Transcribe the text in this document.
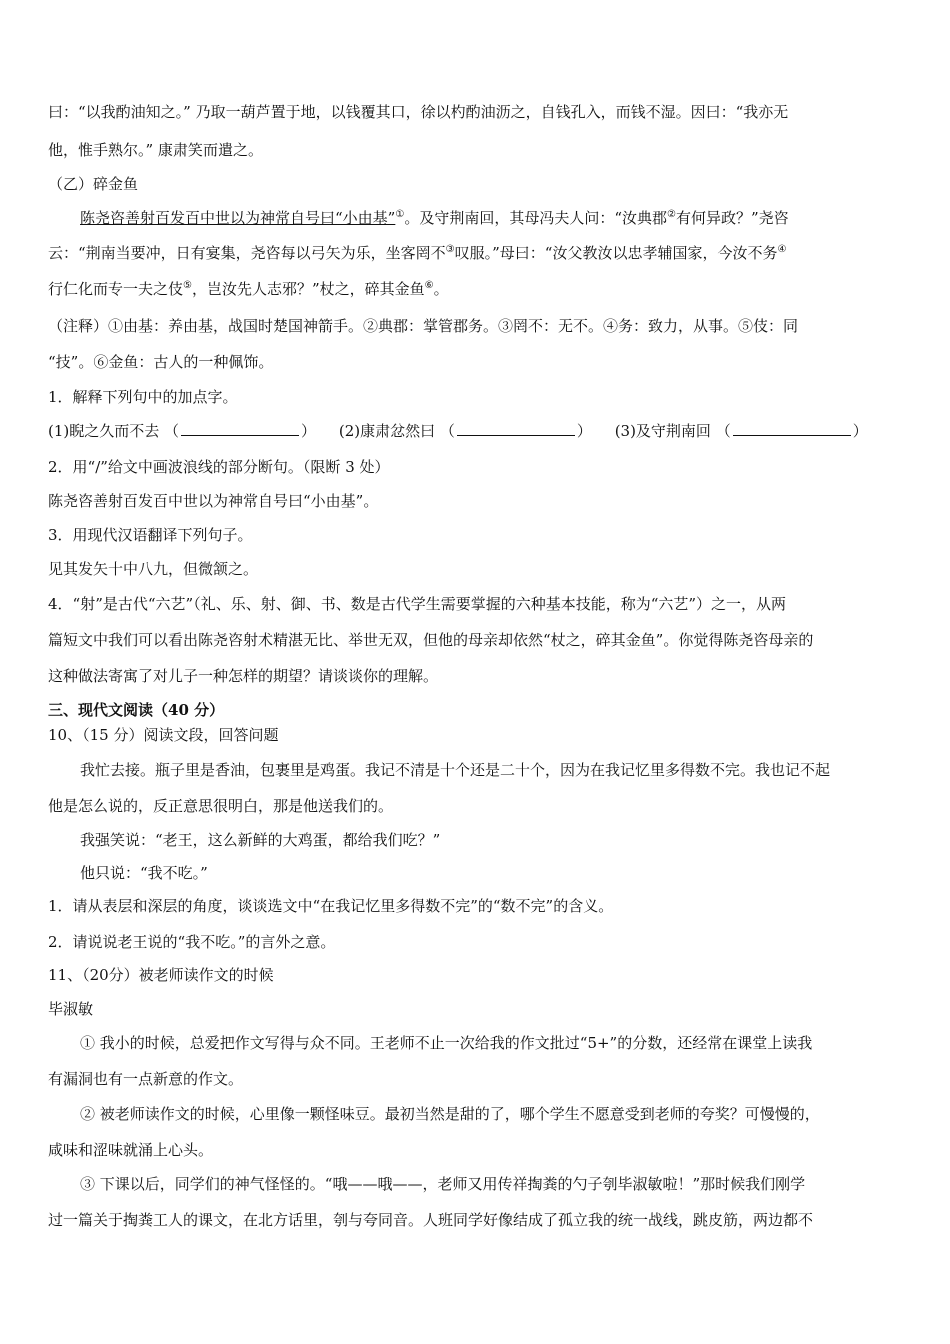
曰：“以我酌油知之。” 乃取一葫芦置于地，以钱覆其口，徐以杓酌油沥之，自钱孔入，而钱不湿。因曰：“我亦无
他，惟手熟尔。” 康肃笑而遣之。
（乙）碎金鱼
陈尧咨善射百发百中世以为神常自号曰“小由基”①。及守荆南回，其母冯夫人问：“汝典郡②有何异政？”尧咨
云：“荆南当要冲，日有宴集，尧咨每以弓矢为乐，坐客罔不③叹服。”母曰：“汝父教汝以忠孝辅国家，今汝不务④
行仁化而专一夫之伎⑤，岂汝先人志邪？”杖之，碎其金鱼⑥。
（注释）①由基：养由基，战国时楚国神箭手。②典郡：掌管郡务。③罔不：无不。④务：致力，从事。⑤伎：同
“技”。⑥金鱼：古人的一种佩饰。
1．解释下列句中的加点字。
(1)睨之久而不去 （	） (2)康肃忿然曰 （	） (3)及守荆南回 （	）
2．用“/”给文中画波浪线的部分断句。（限断 3 处）
陈尧咨善射百发百中世以为神常自号曰“小由基”。
3．用现代汉语翻译下列句子。
见其发矢十中八九，但微颔之。
4．“射”是古代“六艺”（礼、乐、射、御、书、数是古代学生需要掌握的六种基本技能，称为“六艺”）之一，从两
篇短文中我们可以看出陈尧咨射术精湛无比、举世无双，但他的母亲却依然“杖之，碎其金鱼”。你觉得陈尧咨母亲的
这种做法寄寓了对儿子一种怎样的期望？请谈谈你的理解。
三、现代文阅读（40 分）
10、（15 分）阅读文段，回答问题
我忙去接。瓶子里是香油，包裹里是鸡蛋。我记不清是十个还是二十个，因为在我记忆里多得数不完。我也记不起
他是怎么说的，反正意思很明白，那是他送我们的。
我强笑说：“老王，这么新鲜的大鸡蛋，都给我们吃？”
他只说：“我不吃。”
1．请从表层和深层的角度，谈谈选文中“在我记忆里多得数不完”的“数不完”的含义。
2．请说说老王说的“我不吃。”的言外之意。
11、（20分）被老师读作文的时候
毕淑敏
① 我小的时候，总爱把作文写得与众不同。王老师不止一次给我的作文批过“5+”的分数，还经常在课堂上读我
有漏洞也有一点新意的作文。
② 被老师读作文的时候，心里像一颗怪味豆。最初当然是甜的了，哪个学生不愿意受到老师的夸奖？可慢慢的，
咸味和涩味就涌上心头。
③ 下课以后，同学们的神气怪怪的。“哦——哦——，老师又用传祥掏粪的勺子刳毕淑敏啦！”那时候我们刚学
过一篇关于掏粪工人的课文，在北方话里，刳与夸同音。人班同学好像结成了孤立我的统一战线，跳皮筋，两边都不
